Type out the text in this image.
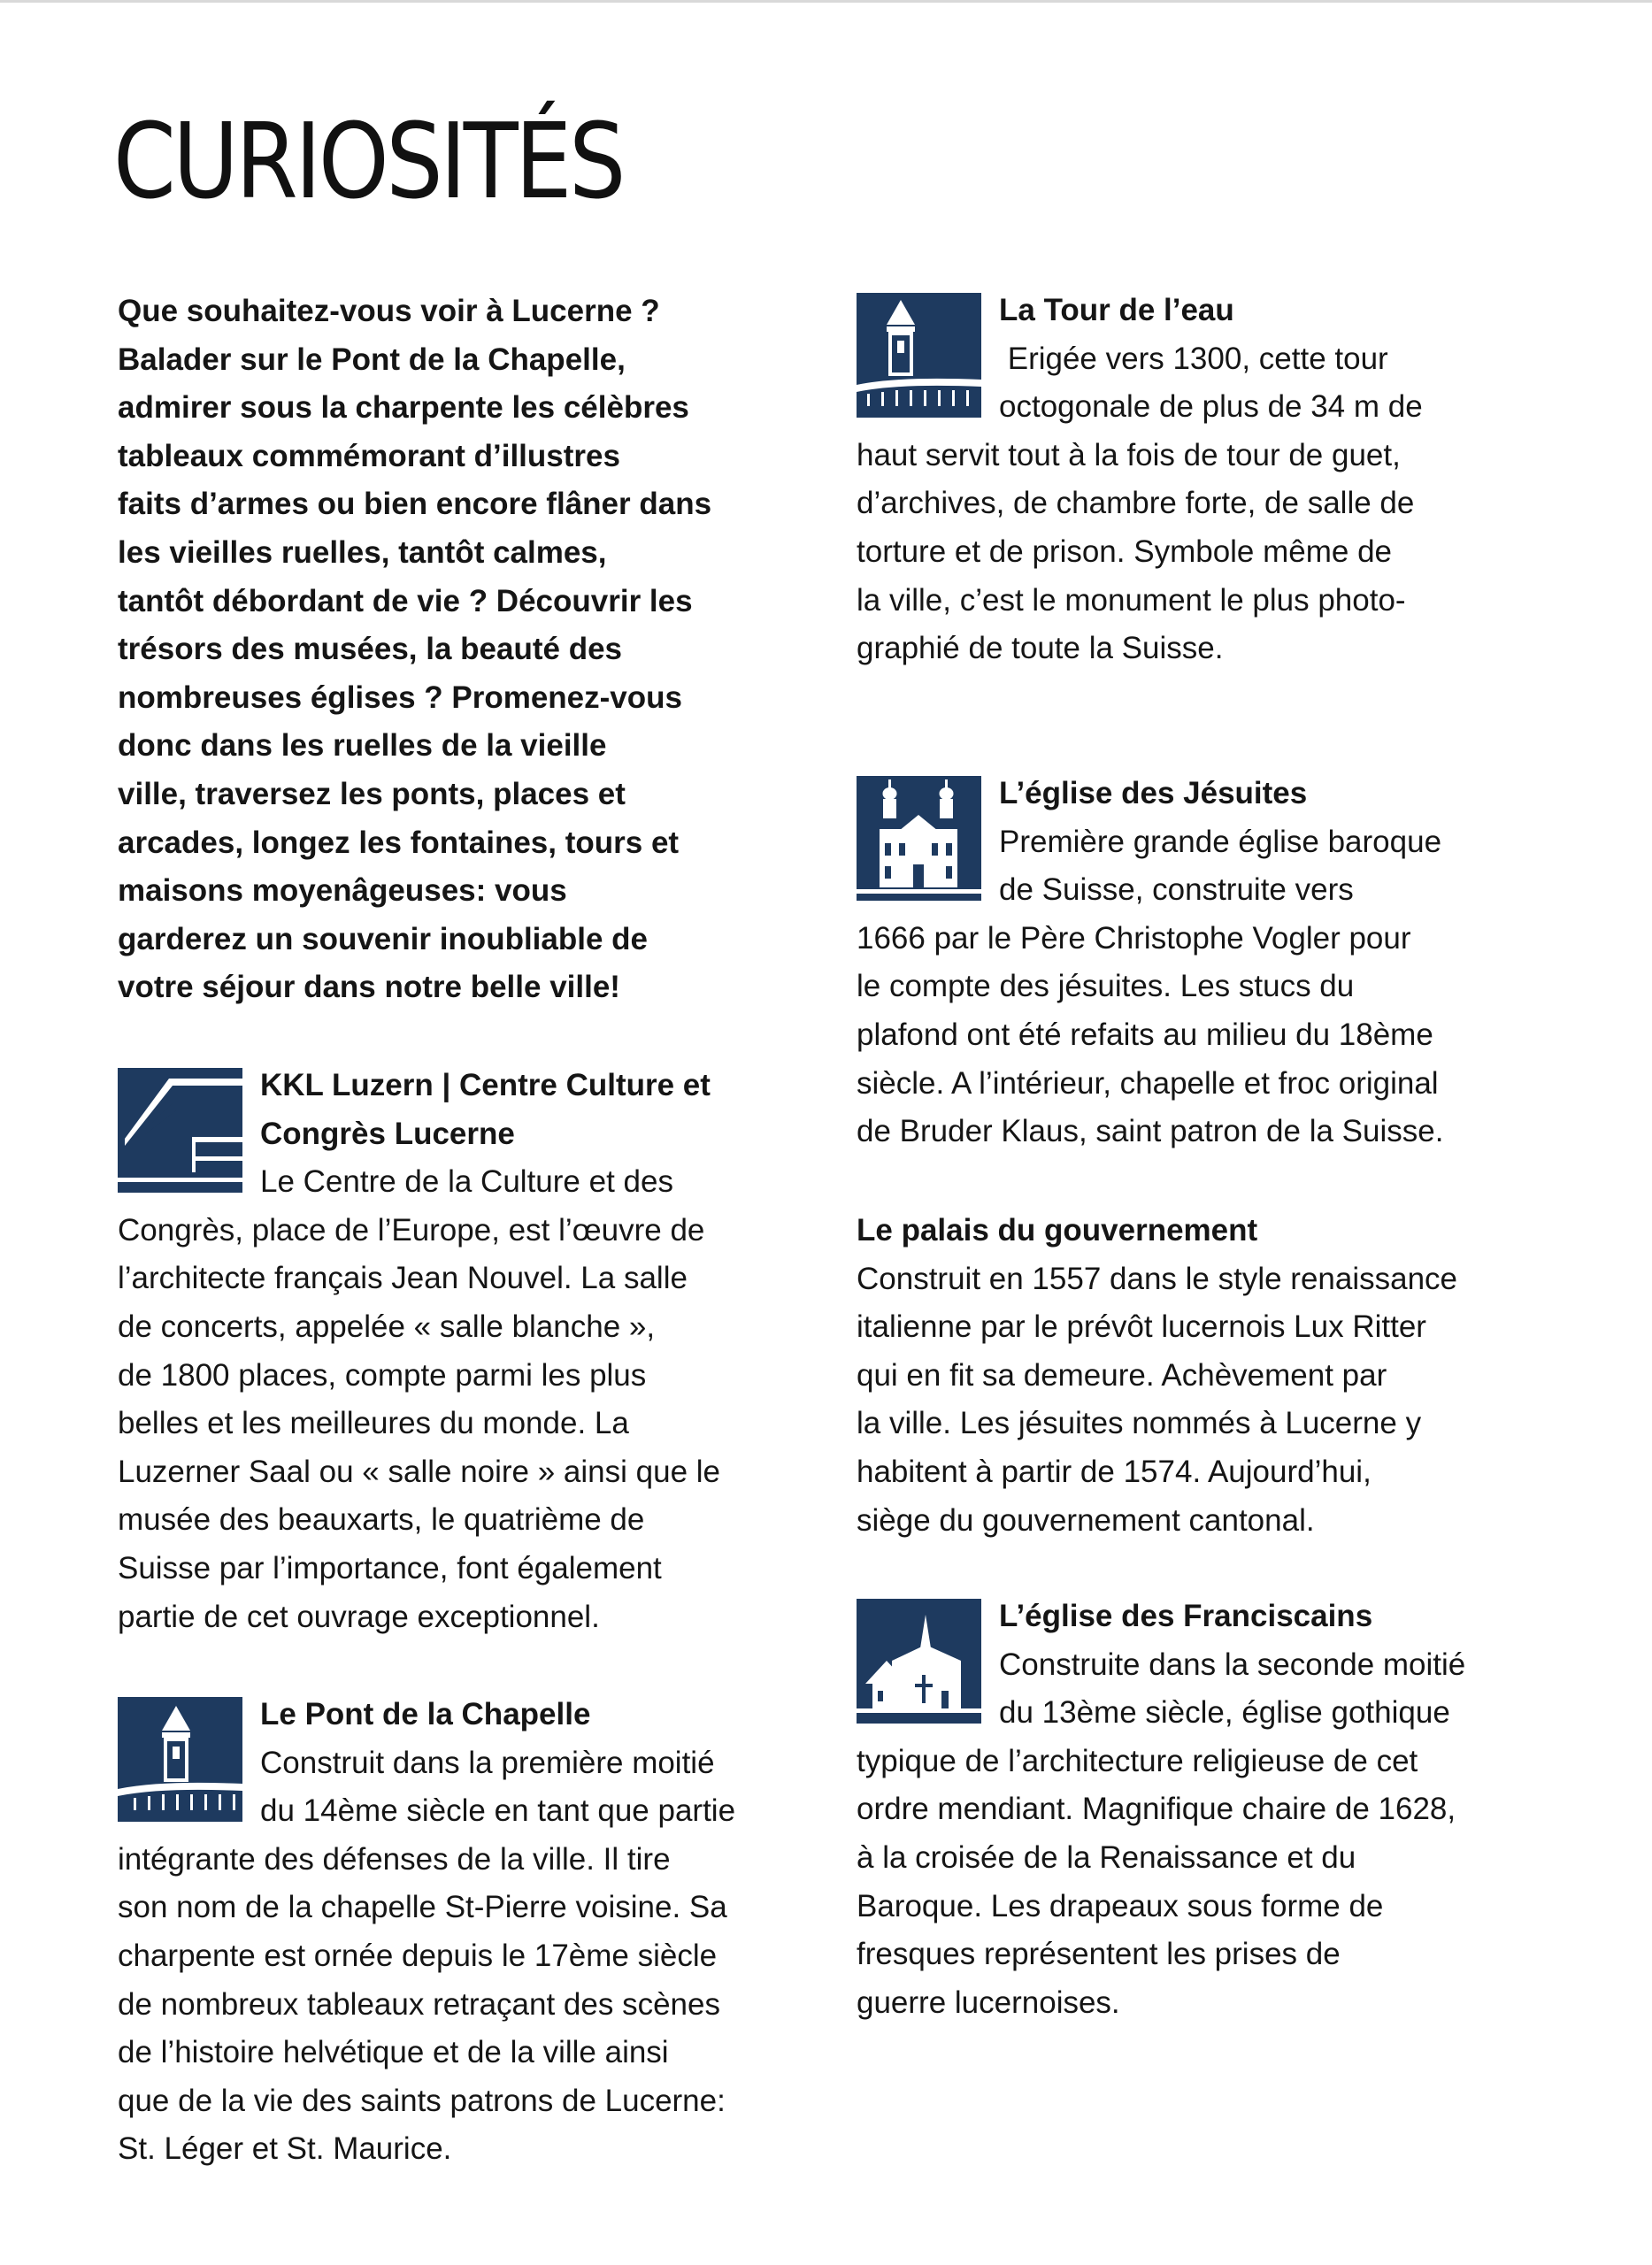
CURIOSITÉS
Que souhaitez-vous voir à Lucerne ?
Balader sur le Pont de la Chapelle,
admirer sous la charpente les célèbres
tableaux commémorant d’illustres
faits d’armes ou bien encore flâner dans
les vieilles ruelles, tantôt calmes,
tantôt débordant de vie ? Découvrir les
trésors des musées, la beauté des
nombreuses églises ? Promenez-vous
donc dans les ruelles de la vieille
ville, traversez les ponts, places et
arcades, longez les fontaines, tours et
maisons moyenâgeuses: vous
garderez un souvenir inoubliable de
votre séjour dans notre belle ville!
KKL Luzern | Centre Culture et
Congrès Lucerne
Le Centre de la Culture et des
Congrès, place de l’Europe, est l’œuvre de
l’architecte français Jean Nouvel. La salle
de concerts, appelée « salle blanche »,
de 1800 places, compte parmi les plus
belles et les meilleures du monde. La
Luzerner Saal ou « salle noire » ainsi que le
musée des beauxarts, le quatrième de
Suisse par l’importance, font également
partie de cet ouvrage exceptionnel.
Le Pont de la Chapelle
Construit dans la première moitié
du 14ème siècle en tant que partie
intégrante des défenses de la ville. Il tire
son nom de la chapelle St-Pierre voisine. Sa
charpente est ornée depuis le 17ème siècle
de nombreux tableaux retraçant des scènes
de l’histoire helvétique et de la ville ainsi
que de la vie des saints patrons de Lucerne:
St. Léger et St. Maurice.
La Tour de l’eau
Erigée vers 1300, cette tour
octogonale de plus de 34 m de
haut servit tout à la fois de tour de guet,
d’archives, de chambre forte, de salle de
torture et de prison. Symbole même de
la ville, c’est le monument le plus photo-
graphié de toute la Suisse.
L’église des Jésuites
Première grande église baroque
de Suisse, construite vers
1666 par le Père Christophe Vogler pour
le compte des jésuites. Les stucs du
plafond ont été refaits au milieu du 18ème
siècle. A l’intérieur, chapelle et froc original
de Bruder Klaus, saint patron de la Suisse.
Le palais du gouvernement
Construit en 1557 dans le style renaissance
italienne par le prévôt lucernois Lux Ritter
qui en fit sa demeure. Achèvement par
la ville. Les jésuites nommés à Lucerne y
habitent à partir de 1574. Aujourd’hui,
siège du gouvernement cantonal.
L’église des Franciscains
Construite dans la seconde moitié
du 13ème siècle, église gothique
typique de l’architecture religieuse de cet
ordre mendiant. Magnifique chaire de 1628,
à la croisée de la Renaissance et du
Baroque. Les drapeaux sous forme de
fresques représentent les prises de
guerre lucernoises.
